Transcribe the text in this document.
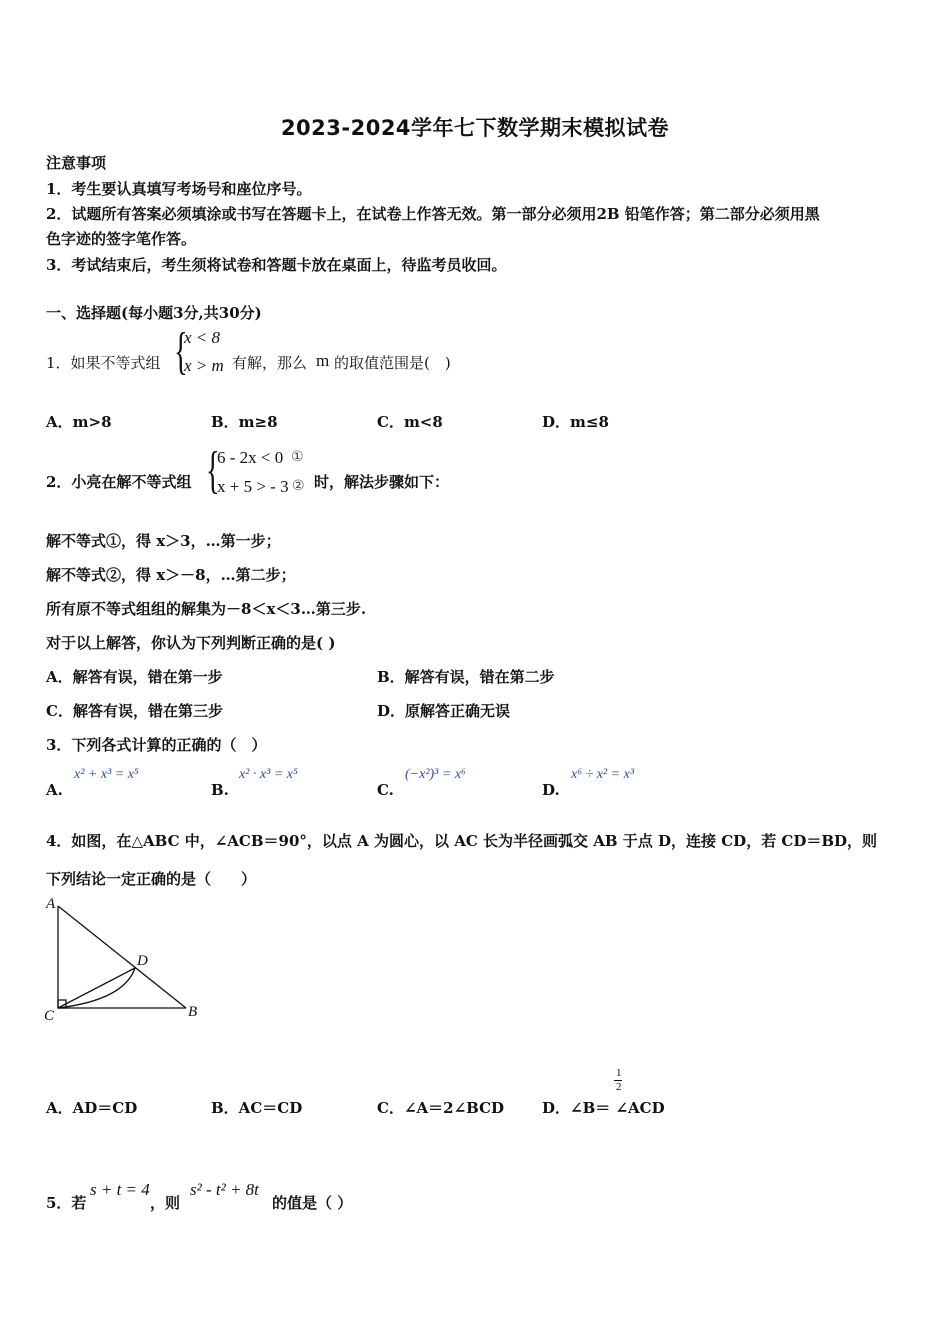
2023-2024学年七下数学期末模拟试卷
注意事项
1．考生要认真填写考场号和座位序号。
2．试题所有答案必须填涂或书写在答题卡上，在试卷上作答无效。第一部分必须用2B 铅笔作答；第二部分必须用黑
色字迹的签字笔作答。
3．考试结束后，考生须将试卷和答题卡放在桌面上，待监考员收回。
一、选择题(每小题3分,共30分)
1．如果不等式组 {
x < 8
x > m 有解，那么 m 的取值范围是(　)
A．m>8	B．m≥8	C．m<8	D．m≤8
2．小亮在解不等式组 {
6 - 2x < 0 ①
x + 5 > - 3 ② 时，解法步骤如下：
解不等式①，得 x＞3，…第一步；
解不等式②，得 x＞－8，…第二步；
所有原不等式组组的解集为－8＜x＜3…第三步.
对于以上解答，你认为下列判断正确的是( )
A．解答有误，错在第一步	B．解答有误，错在第二步
C．解答有误，错在第三步	D．原解答正确无误
3．下列各式计算的正确的（　）
A.
x² + x³ = x⁵
B.
x² · x³ = x⁵
C.
(−x²)³ = x⁶
D.
x⁶ ÷ x² = x³
4．如图，在△ABC 中，∠ACB＝90°，以点 A 为圆心，以 AC 长为半径画弧交 AB 于点 D，连接 CD，若 CD＝BD，则
下列结论一定正确的是（　　）
A
C	B
D
A．AD＝CD	B．AC＝CD	C．∠A＝2∠BCD	D．∠B＝ ∠ACD
1
2
5．若
s + t = 4
，则
s² - t² + 8t
的值是（ ）
